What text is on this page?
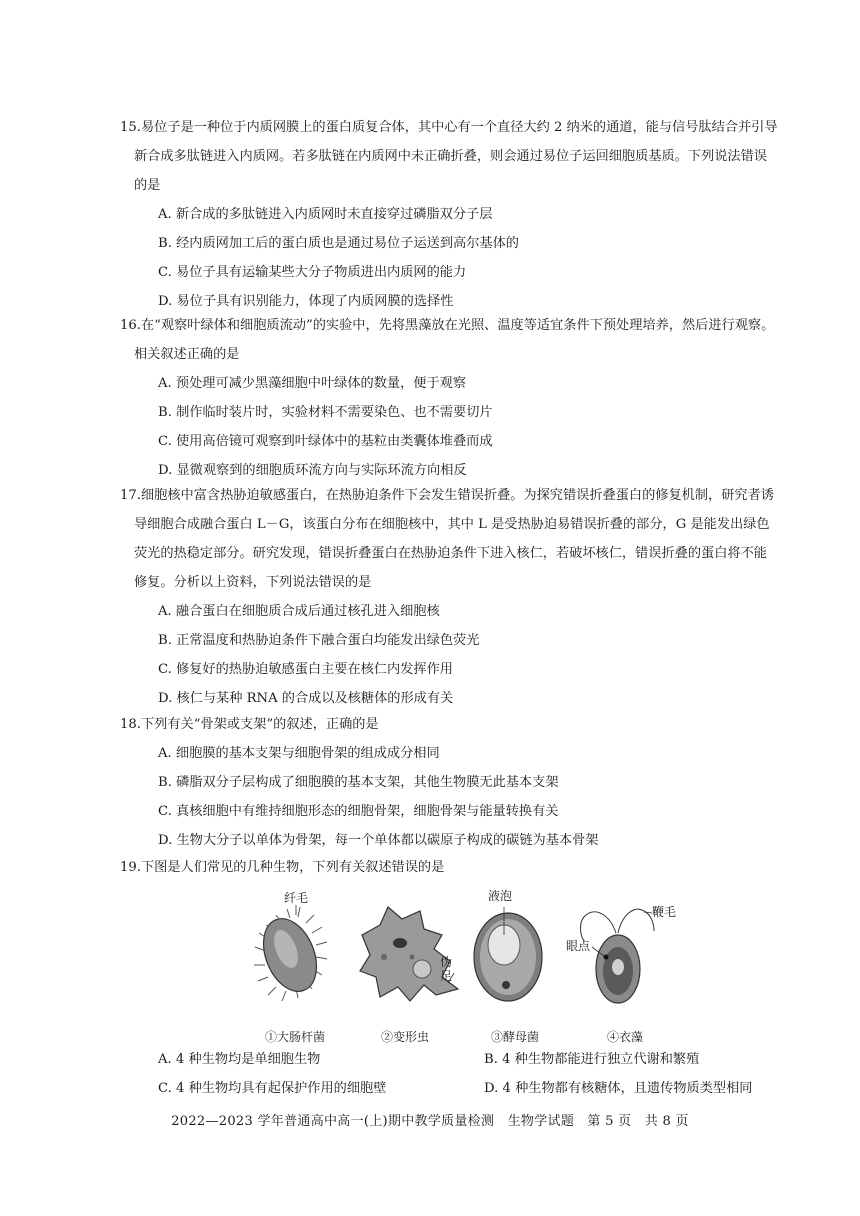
15.易位子是一种位于内质网膜上的蛋白质复合体，其中心有一个直径大约 2 纳米的通道，能与信号肽结合并引导新合成多肽链进入内质网。若多肽链在内质网中未正确折叠，则会通过易位子运回细胞质基质。下列说法错误的是

A. 新合成的多肽链进入内质网时未直接穿过磷脂双分子层

B. 经内质网加工后的蛋白质也是通过易位子运送到高尔基体的

C. 易位子具有运输某些大分子物质进出内质网的能力

D. 易位子具有识别能力，体现了内质网膜的选择性

16.在“观察叶绿体和细胞质流动”的实验中，先将黑藻放在光照、温度等适宜条件下预处理培养，然后进行观察。相关叙述正确的是

A. 预处理可减少黑藻细胞中叶绿体的数量，便于观察

B. 制作临时装片时，实验材料不需要染色、也不需要切片

C. 使用高倍镜可观察到叶绿体中的基粒由类囊体堆叠而成

D. 显微观察到的细胞质环流方向与实际环流方向相反

17.细胞核中富含热胁迫敏感蛋白，在热胁迫条件下会发生错误折叠。为探究错误折叠蛋白的修复机制，研究者诱导细胞合成融合蛋白 L－G，该蛋白分布在细胞核中，其中 L 是受热胁迫易错误折叠的部分，G 是能发出绿色荧光的热稳定部分。研究发现，错误折叠蛋白在热胁迫条件下进入核仁，若破坏核仁，错误折叠的蛋白将不能修复。分析以上资料，下列说法错误的是

A. 融合蛋白在细胞质合成后通过核孔进入细胞核

B. 正常温度和热胁迫条件下融合蛋白均能发出绿色荧光

C. 修复好的热胁迫敏感蛋白主要在核仁内发挥作用

D. 核仁与某种 RNA 的合成以及核糖体的形成有关

18.下列有关“骨架或支架”的叙述，正确的是

A. 细胞膜的基本支架与细胞骨架的组成成分相同

B. 磷脂双分子层构成了细胞膜的基本支架，其他生物膜无此基本支架

C. 真核细胞中有维持细胞形态的细胞骨架，细胞骨架与能量转换有关

D. 生物大分子以单体为骨架，每一个单体都以碳原子构成的碳链为基本骨架

19.下图是人们常见的几种生物，下列有关叙述错误的是

纤毛
①大肠杆菌
伪足
②变形虫
液泡
③酵母菌
鞭毛
眼点
④衣藻
A. 4 种生物均是单细胞生物	B. 4 种生物都能进行独立代谢和繁殖
C. 4 种生物均具有起保护作用的细胞壁	D. 4 种生物都有核糖体，且遗传物质类型相同
2022—2023 学年普通高中高一(上)期中教学质量检测　生物学试题　第 5 页　共 8 页
